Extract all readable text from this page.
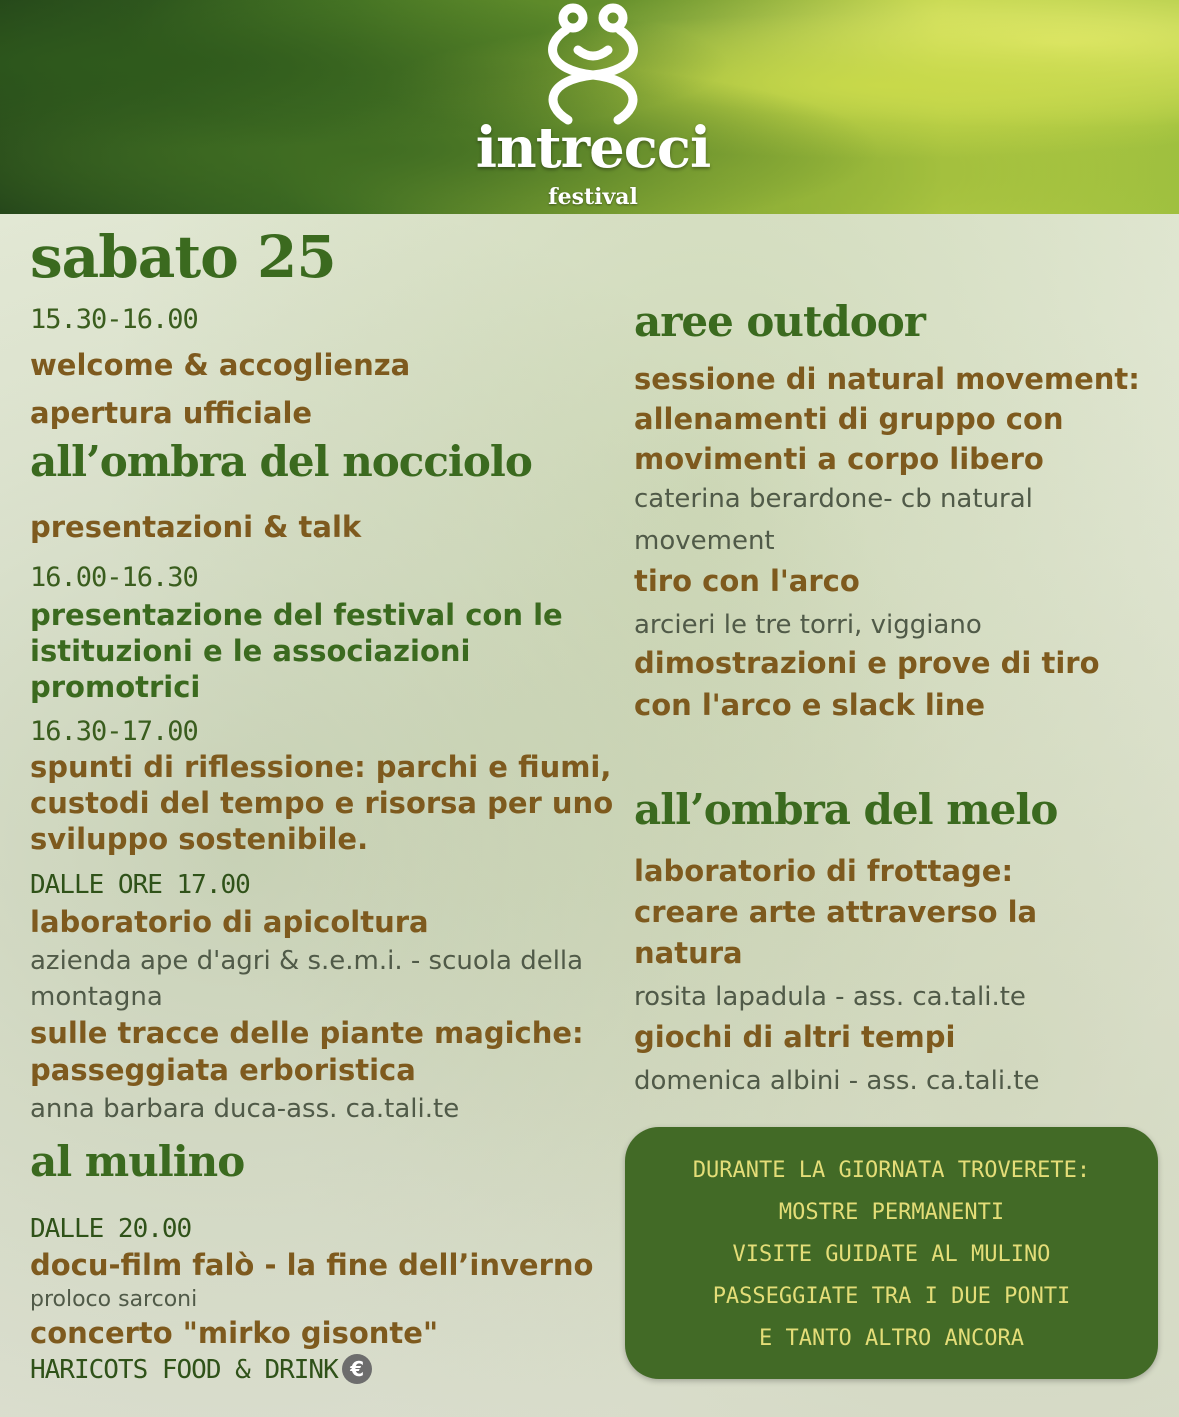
intrecci
festival
sabato 25
15.30-16.00
welcome & accoglienza
apertura ufficiale
all’ombra del nocciolo
presentazioni & talk
16.00-16.30
presentazione del festival con le
istituzioni e le associazioni
promotrici
16.30-17.00
spunti di riflessione: parchi e fiumi,
custodi del tempo e risorsa per uno
sviluppo sostenibile.
DALLE ORE 17.00
laboratorio di apicoltura
azienda ape d'agri & s.e.m.i. - scuola della
montagna
sulle tracce delle piante magiche:
passeggiata erboristica
anna barbara duca-ass. ca.tali.te
al mulino
DALLE 20.00
docu-film falò - la fine dell’inverno
proloco sarconi
concerto "mirko gisonte"
HARICOTS FOOD & DRINK €
aree outdoor
sessione di natural movement:
allenamenti di gruppo con
movimenti a corpo libero
caterina berardone- cb natural
movement
tiro con l'arco
arcieri le tre torri, viggiano
dimostrazioni e prove di tiro
con l'arco e slack line
all’ombra del melo
laboratorio di frottage:
creare arte attraverso la
natura
rosita lapadula - ass. ca.tali.te
giochi di altri tempi
domenica albini - ass. ca.tali.te
DURANTE LA GIORNATA TROVERETE:
MOSTRE PERMANENTI
VISITE GUIDATE AL MULINO
PASSEGGIATE TRA I DUE PONTI
E TANTO ALTRO ANCORA
